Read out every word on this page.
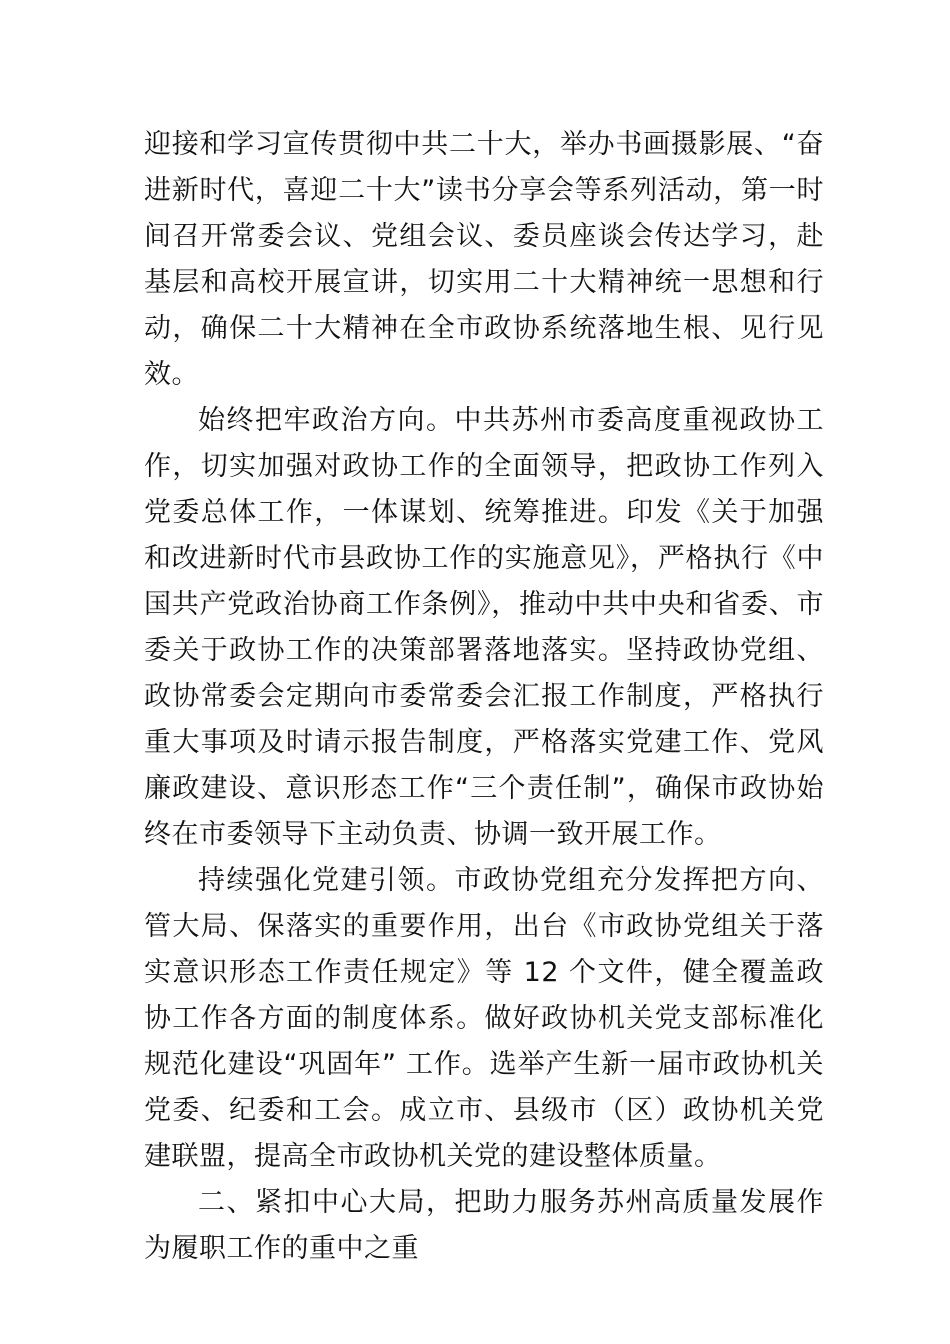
迎接和学习宣传贯彻中共二十大，举办书画摄影展、“奋进新时代，喜迎二十大”读书分享会等系列活动，第一时间召开常委会议、党组会议、委员座谈会传达学习，赴基层和高校开展宣讲，切实用二十大精神统一思想和行动，确保二十大精神在全市政协系统落地生根、见行见效。

始终把牢政治方向。中共苏州市委高度重视政协工作，切实加强对政协工作的全面领导，把政协工作列入党委总体工作，一体谋划、统筹推进。印发《关于加强和改进新时代市县政协工作的实施意见》，严格执行《中国共产党政治协商工作条例》，推动中共中央和省委、市委关于政协工作的决策部署落地落实。坚持政协党组、政协常委会定期向市委常委会汇报工作制度，严格执行重大事项及时请示报告制度，严格落实党建工作、党风廉政建设、意识形态工作“三个责任制”，确保市政协始终在市委领导下主动负责、协调一致开展工作。

持续强化党建引领。市政协党组充分发挥把方向、管大局、保落实的重要作用，出台《市政协党组关于落实意识形态工作责任规定》等 12 个文件，健全覆盖政协工作各方面的制度体系。做好政协机关党支部标准化规范化建设“巩固年” 工作。选举产生新一届市政协机关党委、纪委和工会。成立市、县级市（区）政协机关党建联盟，提高全市政协机关党的建设整体质量。

二、紧扣中心大局，把助力服务苏州高质量发展作为履职工作的重中之重
